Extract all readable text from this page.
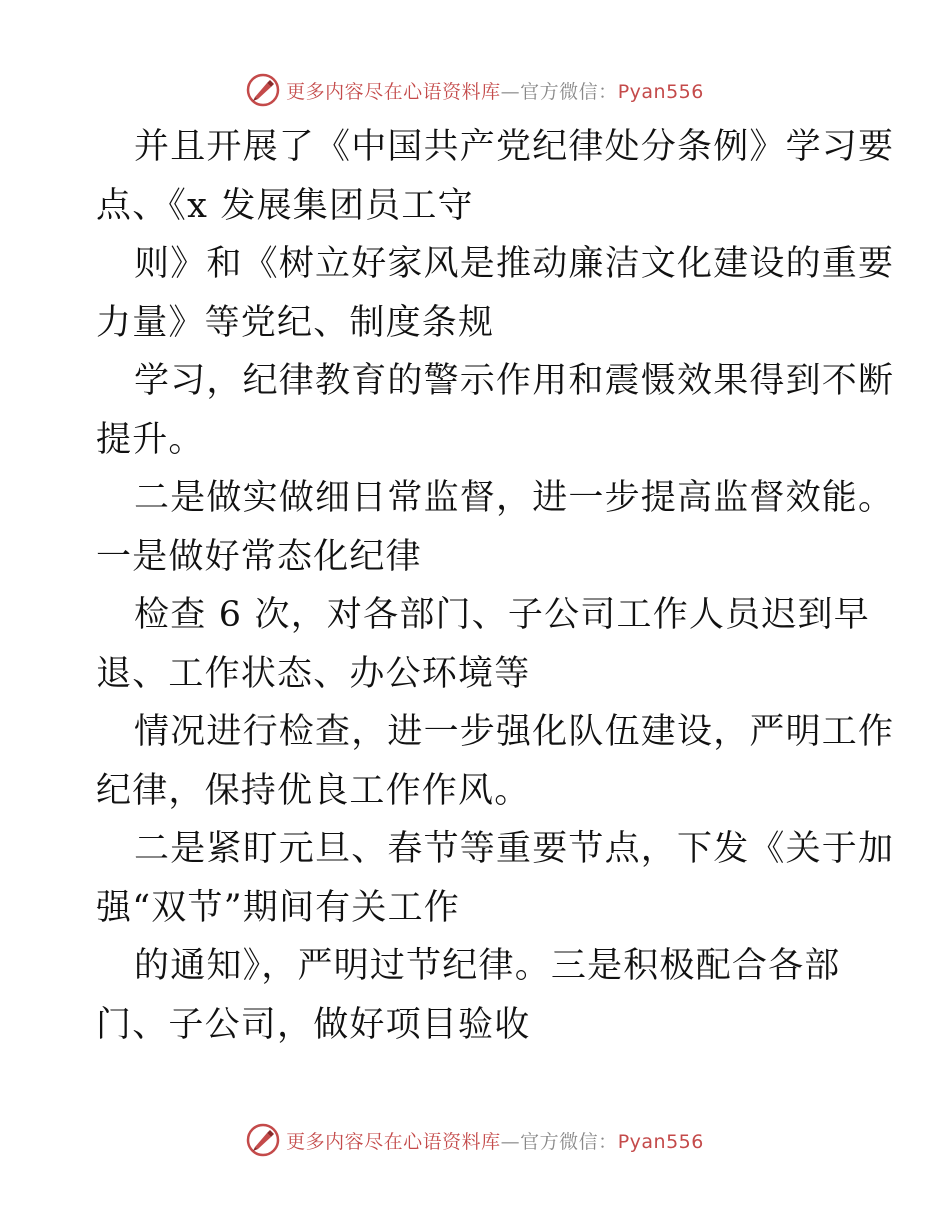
更多内容尽在心语资料库—官方微信：Pyan556
并且开展了《中国共产党纪律处分条例》学习要
点、《x 发展集团员工守
则》和《树立好家风是推动廉洁文化建设的重要
力量》等党纪、制度条规
学习，纪律教育的警示作用和震慑效果得到不断
提升。
二是做实做细日常监督，进一步提高监督效能。
一是做好常态化纪律
检查 6 次，对各部门、子公司工作人员迟到早
退、工作状态、办公环境等
情况进行检查，进一步强化队伍建设，严明工作
纪律，保持优良工作作风。
二是紧盯元旦、春节等重要节点，下发《关于加
强“双节”期间有关工作
的通知》，严明过节纪律。三是积极配合各部
门、子公司，做好项目验收
更多内容尽在心语资料库—官方微信：Pyan556
